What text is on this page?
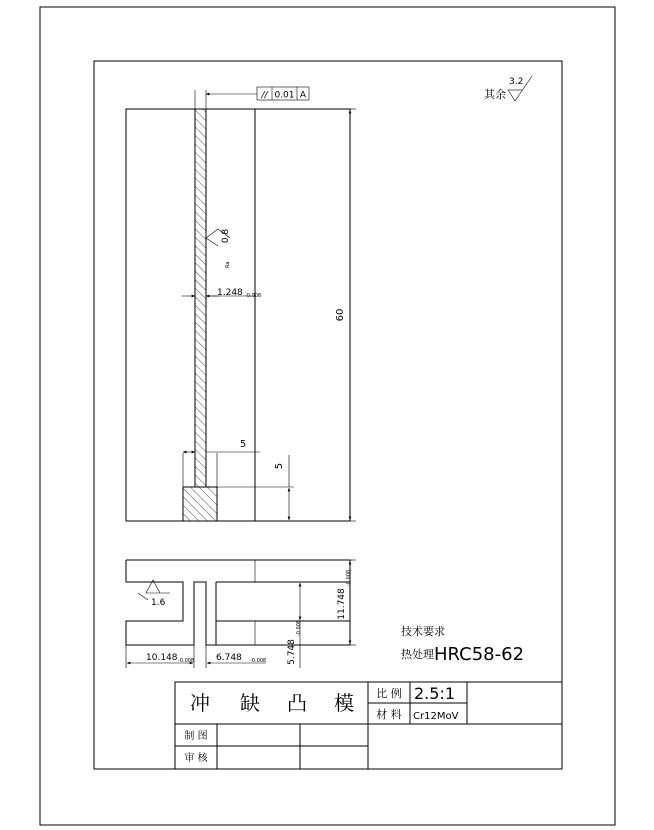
// 0.01 A	其余
3.2
0.8
Ra
1.248 -0.008
60
5
5
1.6	11.748
-0.008
5.748
-0.008
10.148 -0.008 6.748 -0.008
技术要求
热处理 HRC58-62
冲 缺 凸 模 比 例 2.5:1
材 料 Cr12MoV
制 图
审 核
